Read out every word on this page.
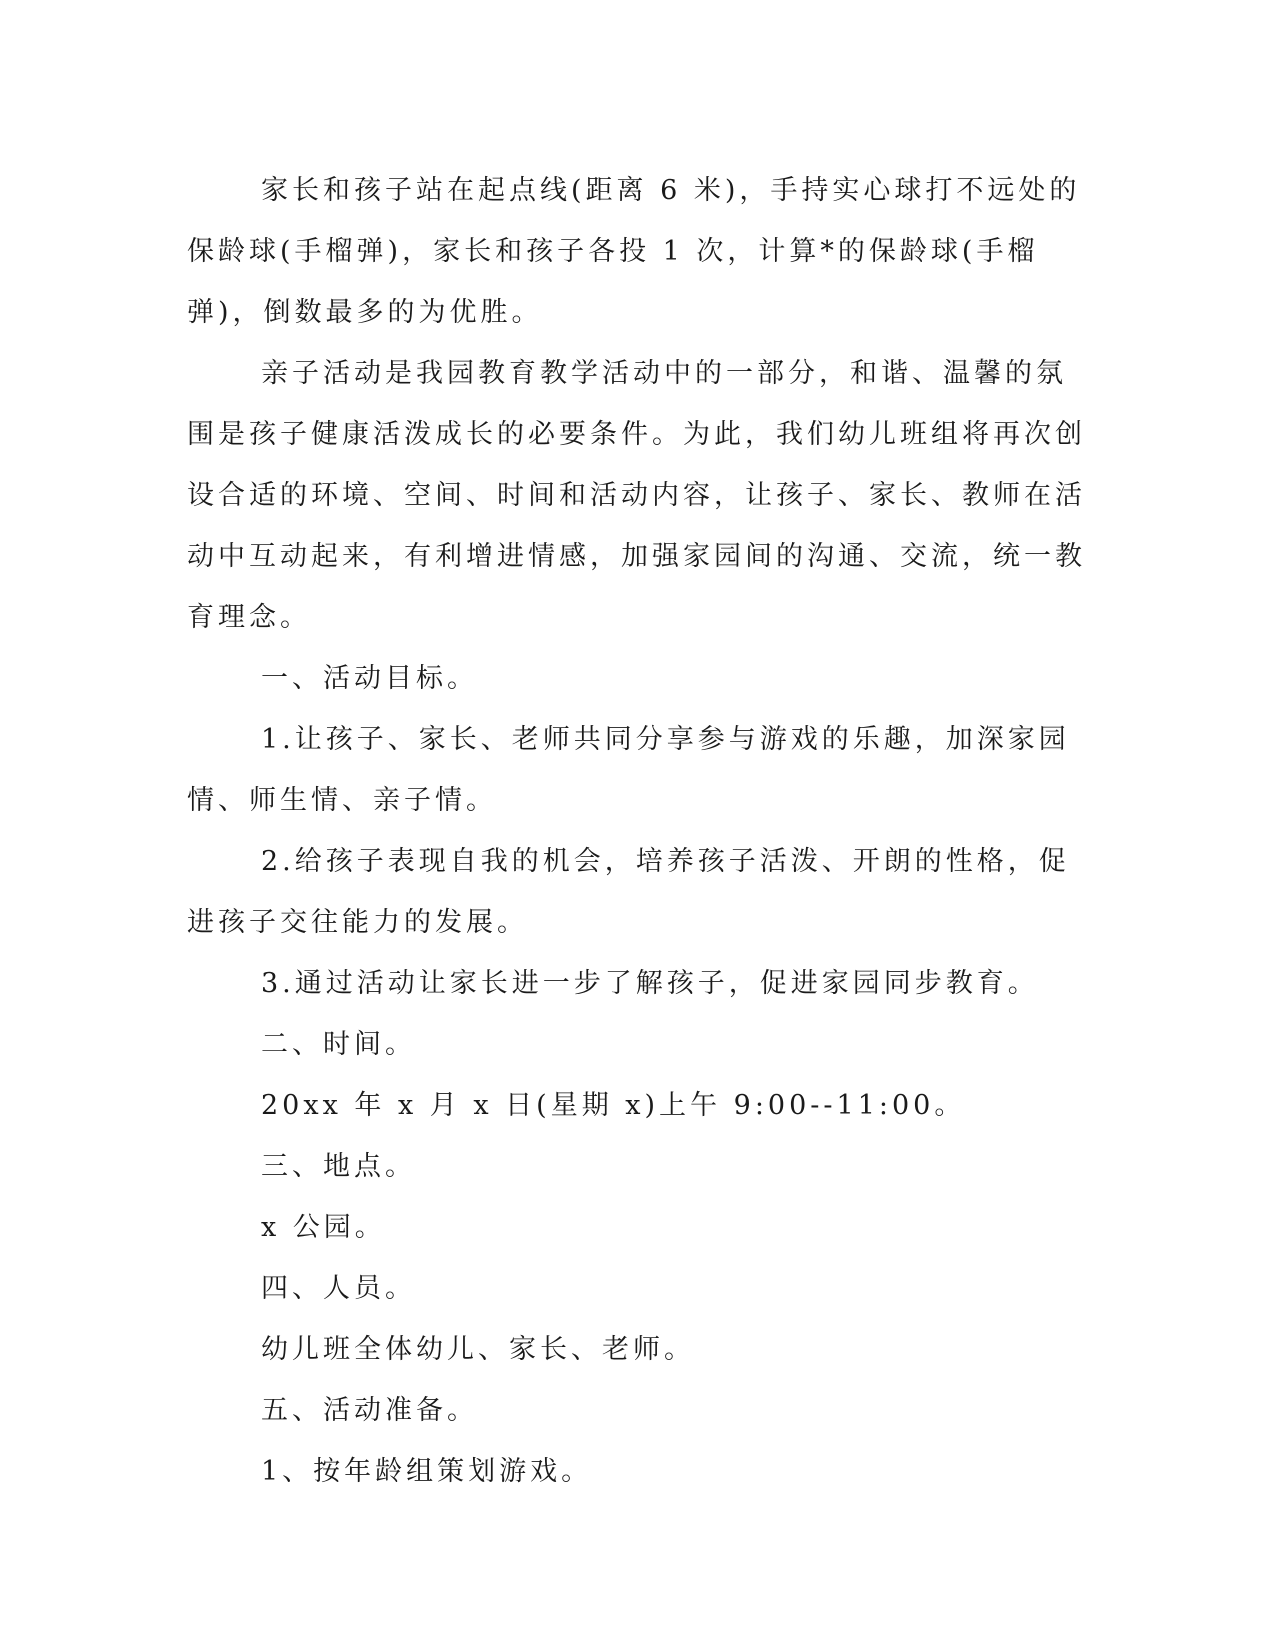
家长和孩子站在起点线(距离 6 米)，手持实心球打不远处的保龄球(手榴弹)，家长和孩子各投 1 次，计算*的保龄球(手榴弹)，倒数最多的为优胜。

亲子活动是我园教育教学活动中的一部分，和谐、温馨的氛围是孩子健康活泼成长的必要条件。为此，我们幼儿班组将再次创设合适的环境、空间、时间和活动内容，让孩子、家长、教师在活动中互动起来，有利增进情感，加强家园间的沟通、交流，统一教育理念。

一、活动目标。

1.让孩子、家长、老师共同分享参与游戏的乐趣，加深家园情、师生情、亲子情。

2.给孩子表现自我的机会，培养孩子活泼、开朗的性格，促进孩子交往能力的发展。

3.通过活动让家长进一步了解孩子，促进家园同步教育。

二、时间。

20xx 年 x 月 x 日(星期 x)上午 9:00--11:00。

三、地点。

x 公园。

四、人员。

幼儿班全体幼儿、家长、老师。

五、活动准备。

1、按年龄组策划游戏。
